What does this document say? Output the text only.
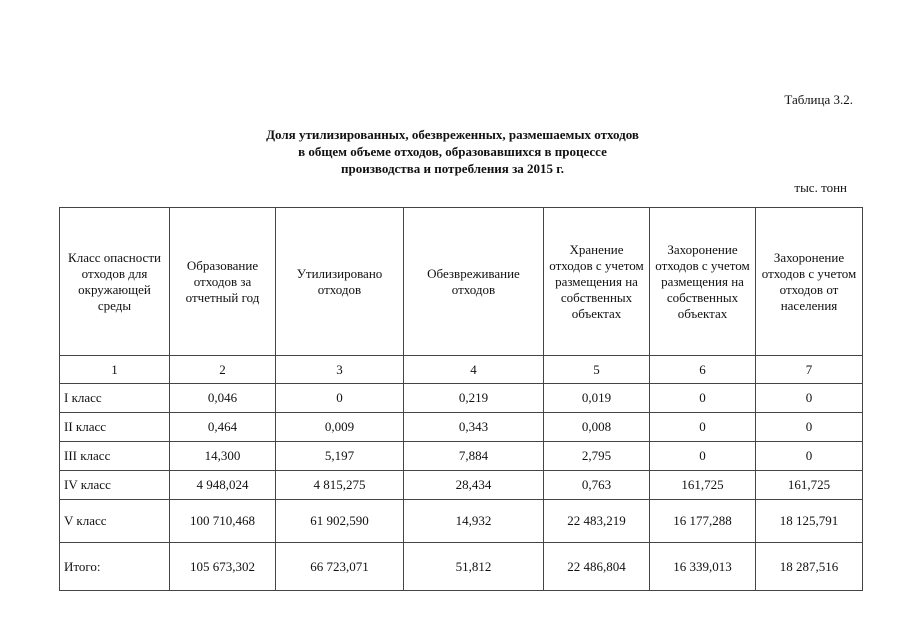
Таблица 3.2.
Доля утилизированных, обезвреженных, размешаемых отходов
в общем объеме отходов, образовавшихся в процессе
производства и потребления за 2015 г.
тыс. тонн
Класс опасности отходов для окружающей среды	Образование отходов за отчетный год	Утилизировано отходов	Обезвреживание отходов	Хранение отходов с учетом размещения на собственных объектах	Захоронение отходов с учетом размещения на собственных объектах	Захоронение отходов с учетом отходов от населения
1	2	3	4	5	6	7
I класс	0,046	0	0,219	0,019	0	0
II класс	0,464	0,009	0,343	0,008	0	0
III класс	14,300	5,197	7,884	2,795	0	0
IV класс	4 948,024	4 815,275	28,434	0,763	161,725	161,725
V класс	100 710,468	61 902,590	14,932	22 483,219	16 177,288	18 125,791
Итого:	105 673,302	66 723,071	51,812	22 486,804	16 339,013	18 287,516
